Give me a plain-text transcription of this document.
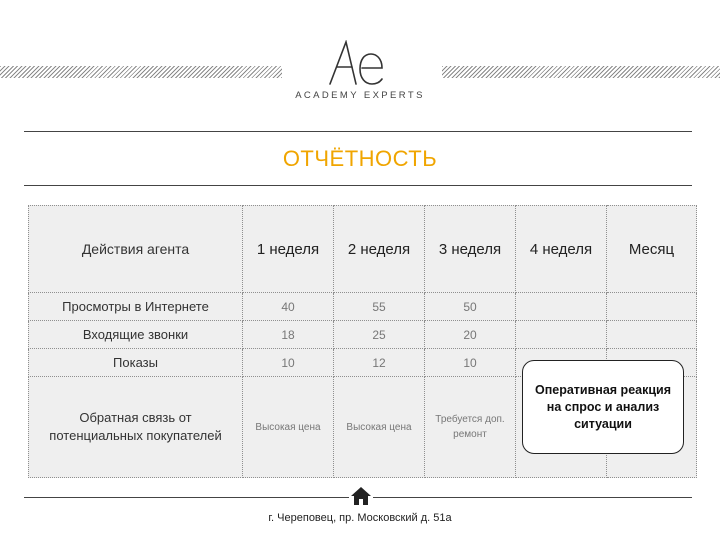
ACADEMY EXPERTS
ОТЧЁТНОСТЬ
Действия агента	1 неделя	2 неделя	3 неделя	4 неделя	Месяц
Просмотры в Интернете	40	55	50		
Входящие звонки	18	25	20		
Показы	10	12	10		
Обратная связь от потенциальных покупателей	Высокая цена	Высокая цена	Требуется доп. ремонт		
Оперативная реакция на спрос и анализ ситуации
г. Череповец, пр. Московский д. 51а
